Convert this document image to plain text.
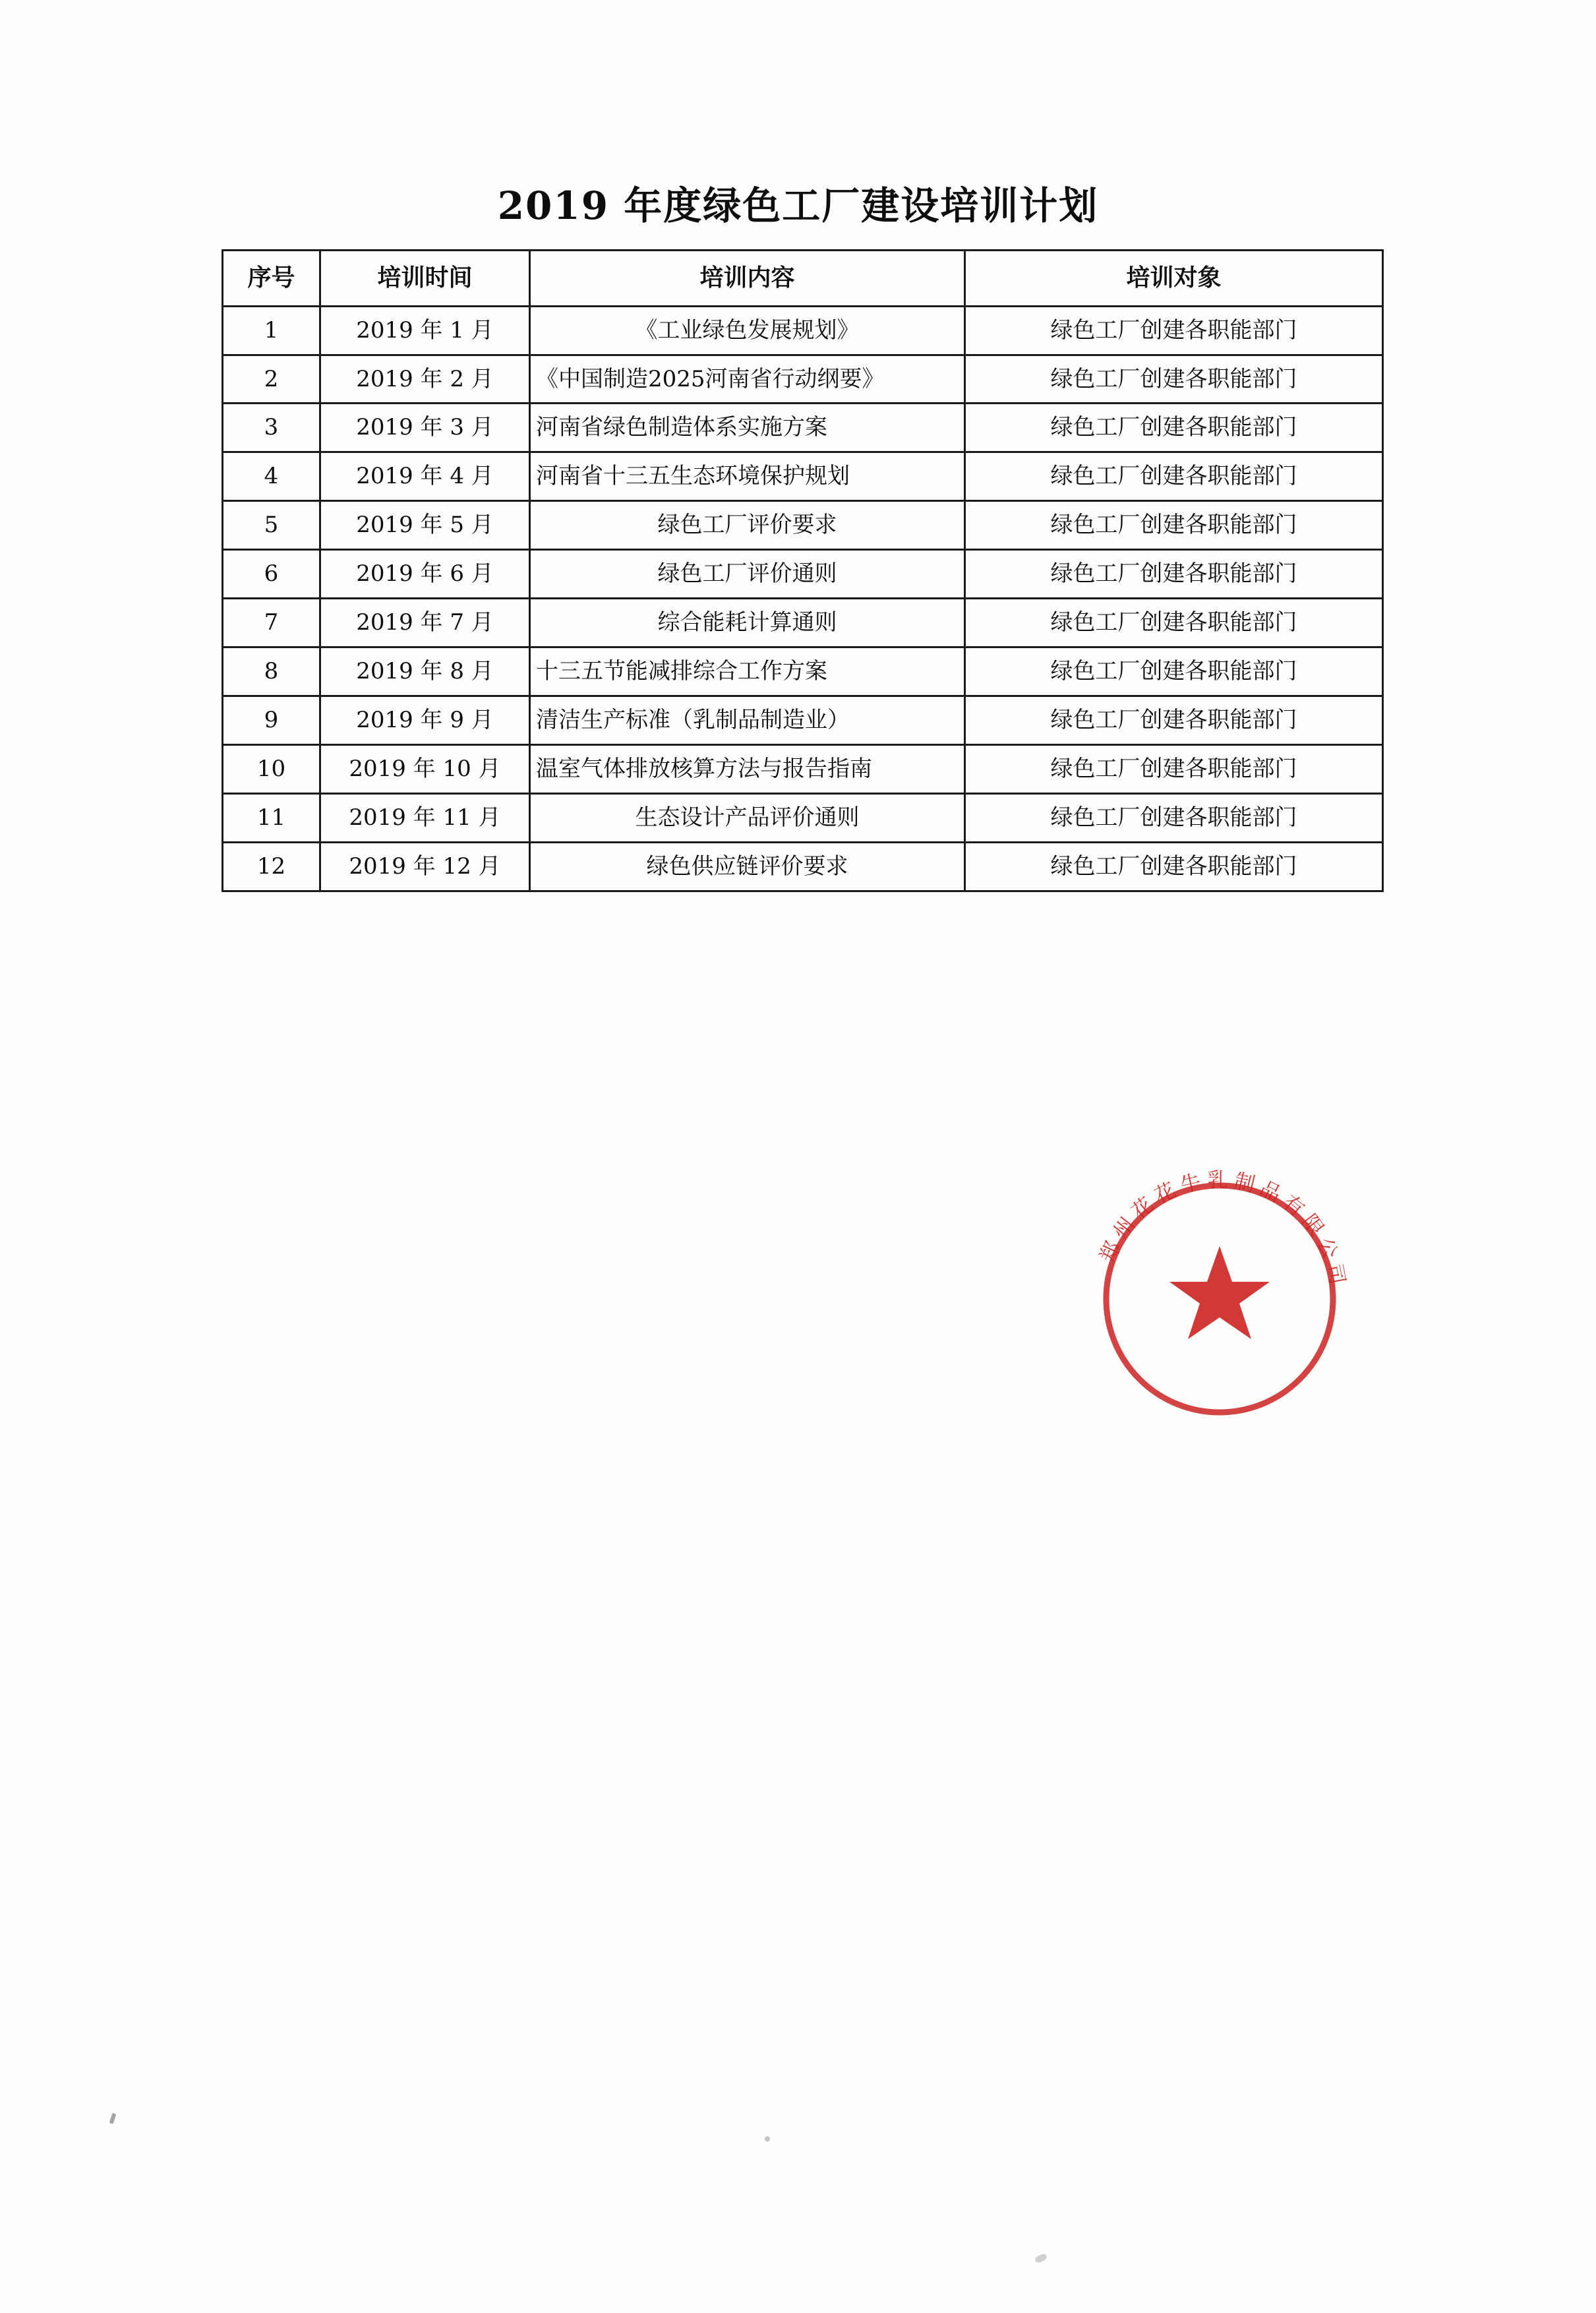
2019 年度绿色工厂建设培训计划
序号	培训时间	培训内容	培训对象
1	2019 年 1 月	《工业绿色发展规划》	绿色工厂创建各职能部门
2	2019 年 2 月	《中国制造2025河南省行动纲要》	绿色工厂创建各职能部门
3	2019 年 3 月	河南省绿色制造体系实施方案	绿色工厂创建各职能部门
4	2019 年 4 月	河南省十三五生态环境保护规划	绿色工厂创建各职能部门
5	2019 年 5 月	绿色工厂评价要求	绿色工厂创建各职能部门
6	2019 年 6 月	绿色工厂评价通则	绿色工厂创建各职能部门
7	2019 年 7 月	综合能耗计算通则	绿色工厂创建各职能部门
8	2019 年 8 月	十三五节能减排综合工作方案	绿色工厂创建各职能部门
9	2019 年 9 月	清洁生产标准（乳制品制造业）	绿色工厂创建各职能部门
10	2019 年 10 月	温室气体排放核算方法与报告指南	绿色工厂创建各职能部门
11	2019 年 11 月	生态设计产品评价通则	绿色工厂创建各职能部门
12	2019 年 12 月	绿色供应链评价要求	绿色工厂创建各职能部门
郑州花花牛乳制品有限公司
